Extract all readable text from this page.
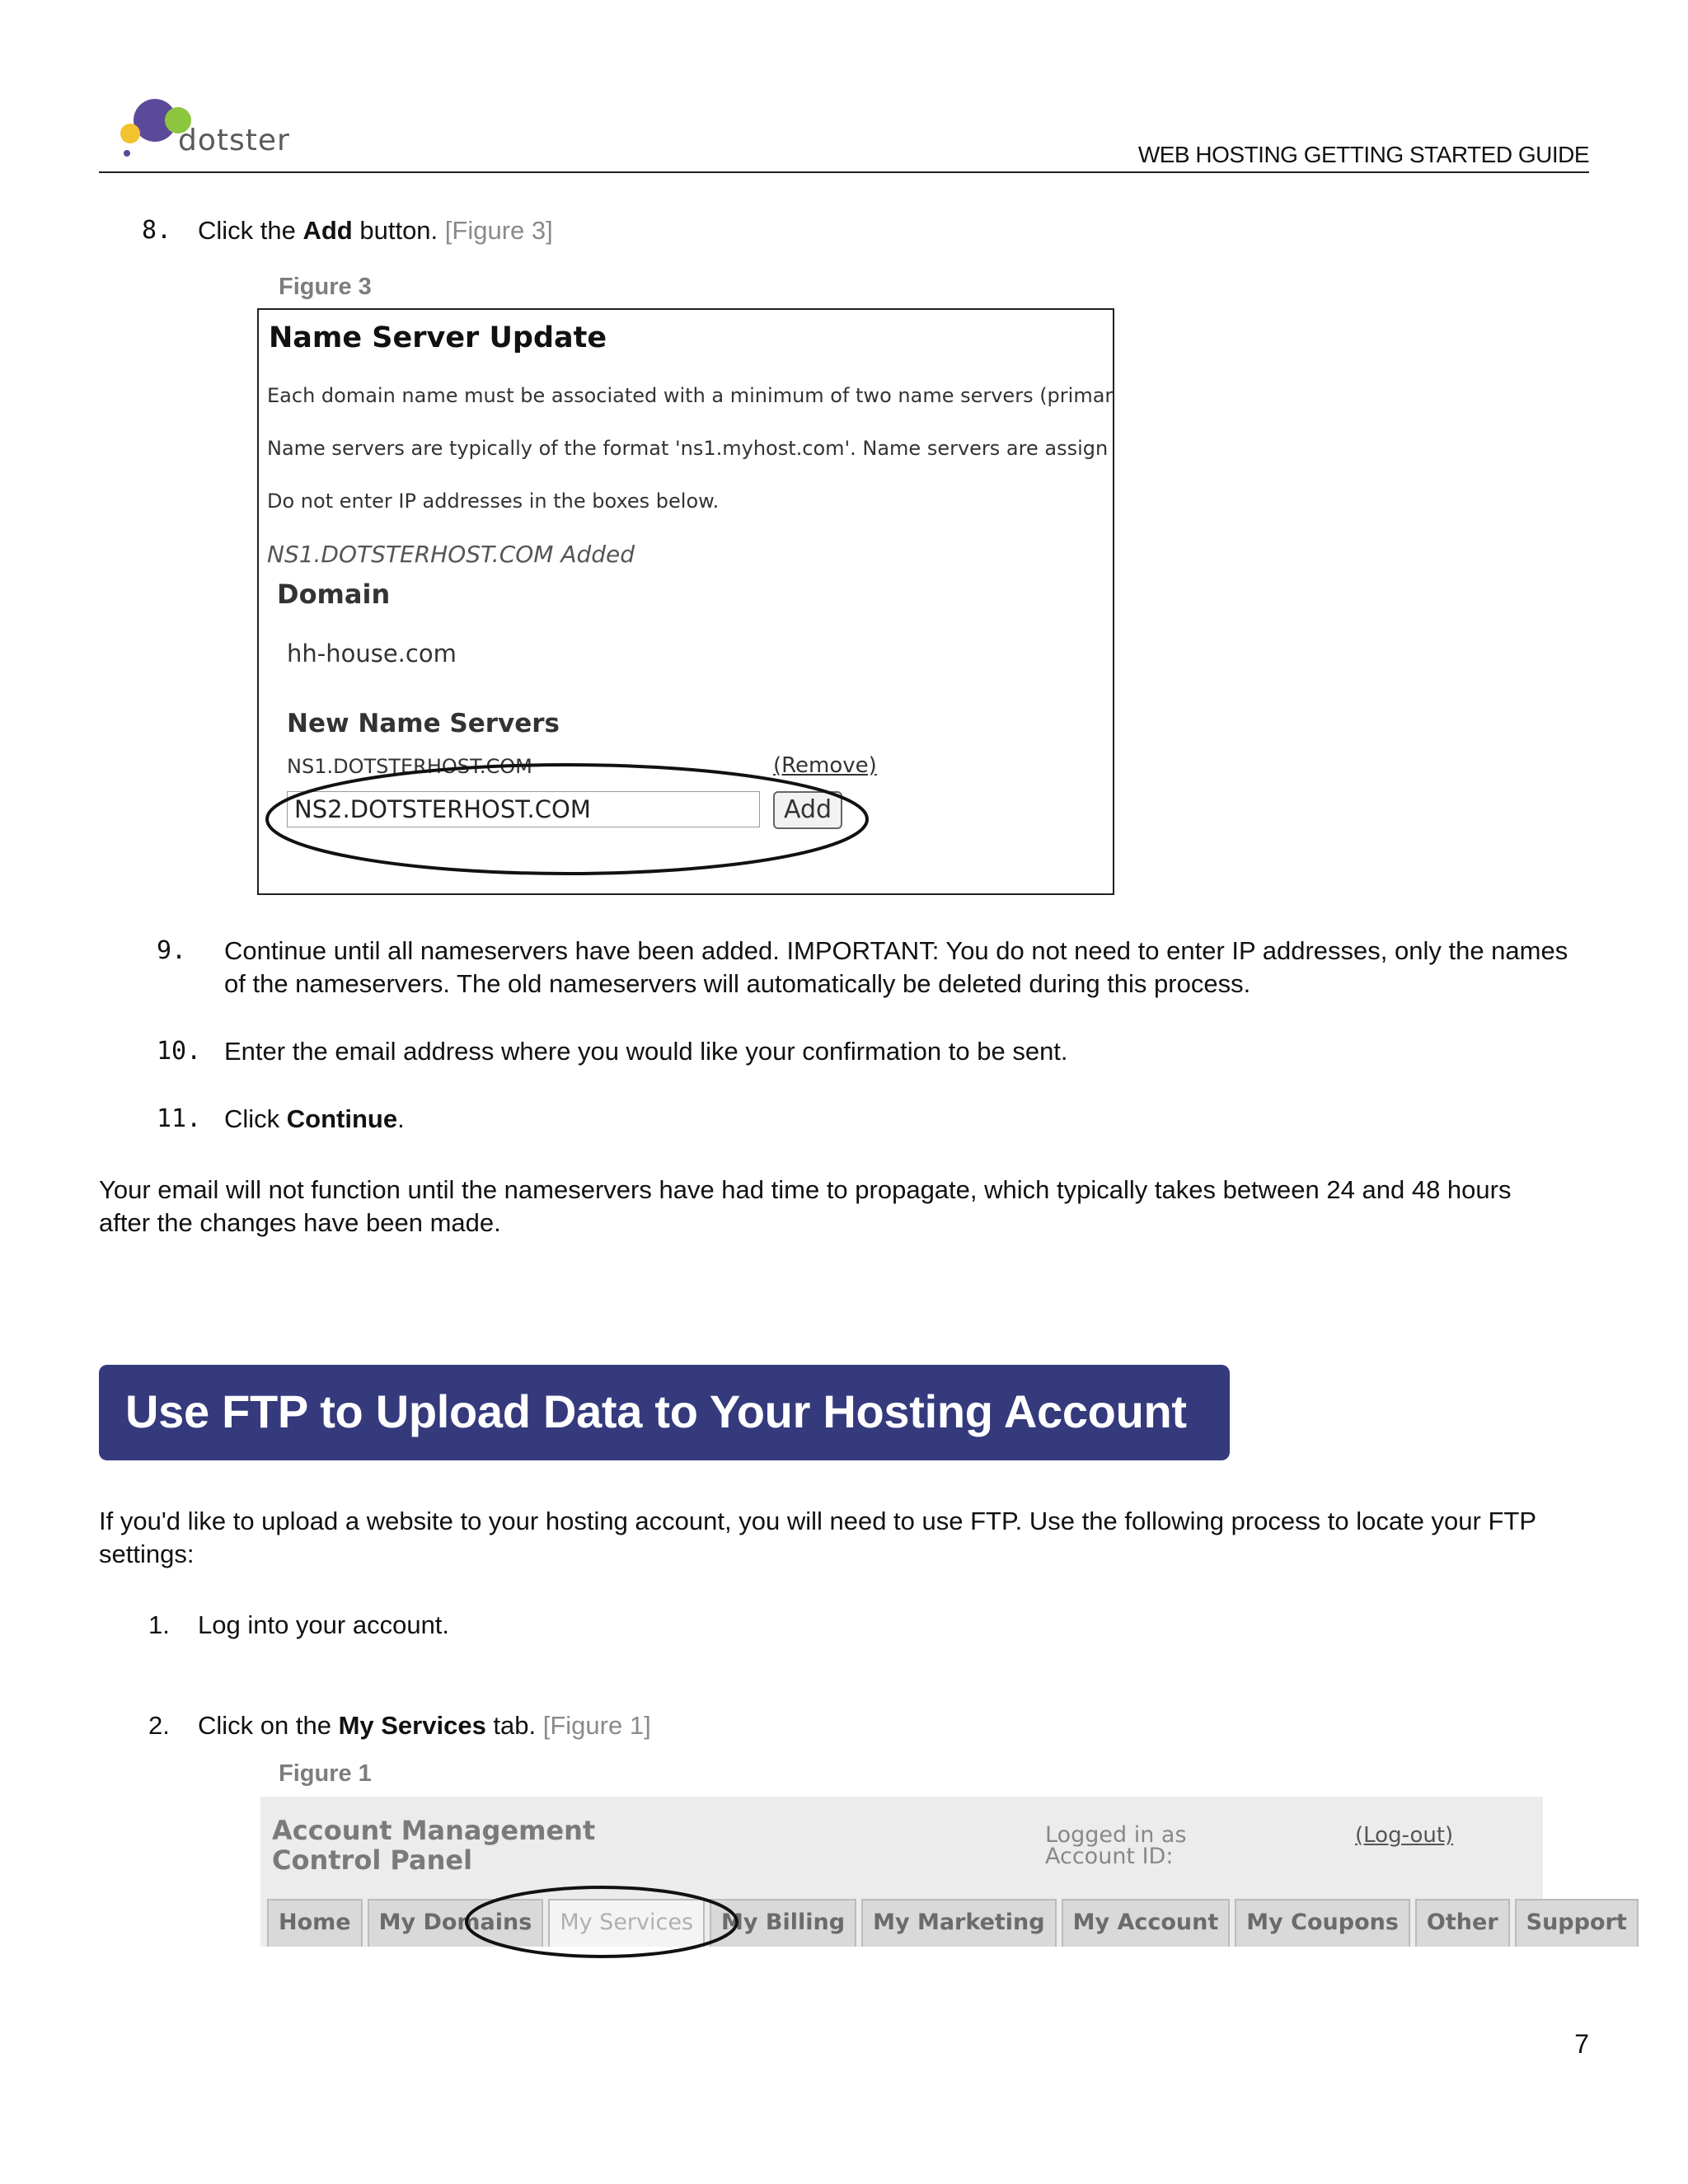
dotster	WEB HOSTING GETTING STARTED GUIDE
8. Click the Add button. [Figure 3]
Figure 3
Name Server Update
Each domain name must be associated with a minimum of two name servers (primar
Name servers are typically of the format 'ns1.myhost.com'. Name servers are assign
Do not enter IP addresses in the boxes below.
NS1.DOTSTERHOST.COM Added
Domain
hh-house.com
New Name Servers
NS1.DOTSTERHOST.COM	(Remove)
NS2.DOTSTERHOST.COM	Add
9. Continue until all nameservers have been added. IMPORTANT: You do not need to enter IP addresses, only the names
of the nameservers. The old nameservers will automatically be deleted during this process.
10. Enter the email address where you would like your confirmation to be sent.
11. Click Continue.
Your email will not function until the nameservers have had time to propagate, which typically takes between 24 and 48 hours
after the changes have been made.
Use FTP to Upload Data to Your Hosting Account
If you'd like to upload a website to your hosting account, you will need to use FTP. Use the following process to locate your FTP
settings:
1. Log into your account.
2. Click on the My Services tab. [Figure 1]
Figure 1
Account Management
Control Panel
Logged in as
Account ID:
(Log-out)
Home	My Domains	My Services	My Billing	My Marketing	My Account	My Coupons	Other	Support
7
